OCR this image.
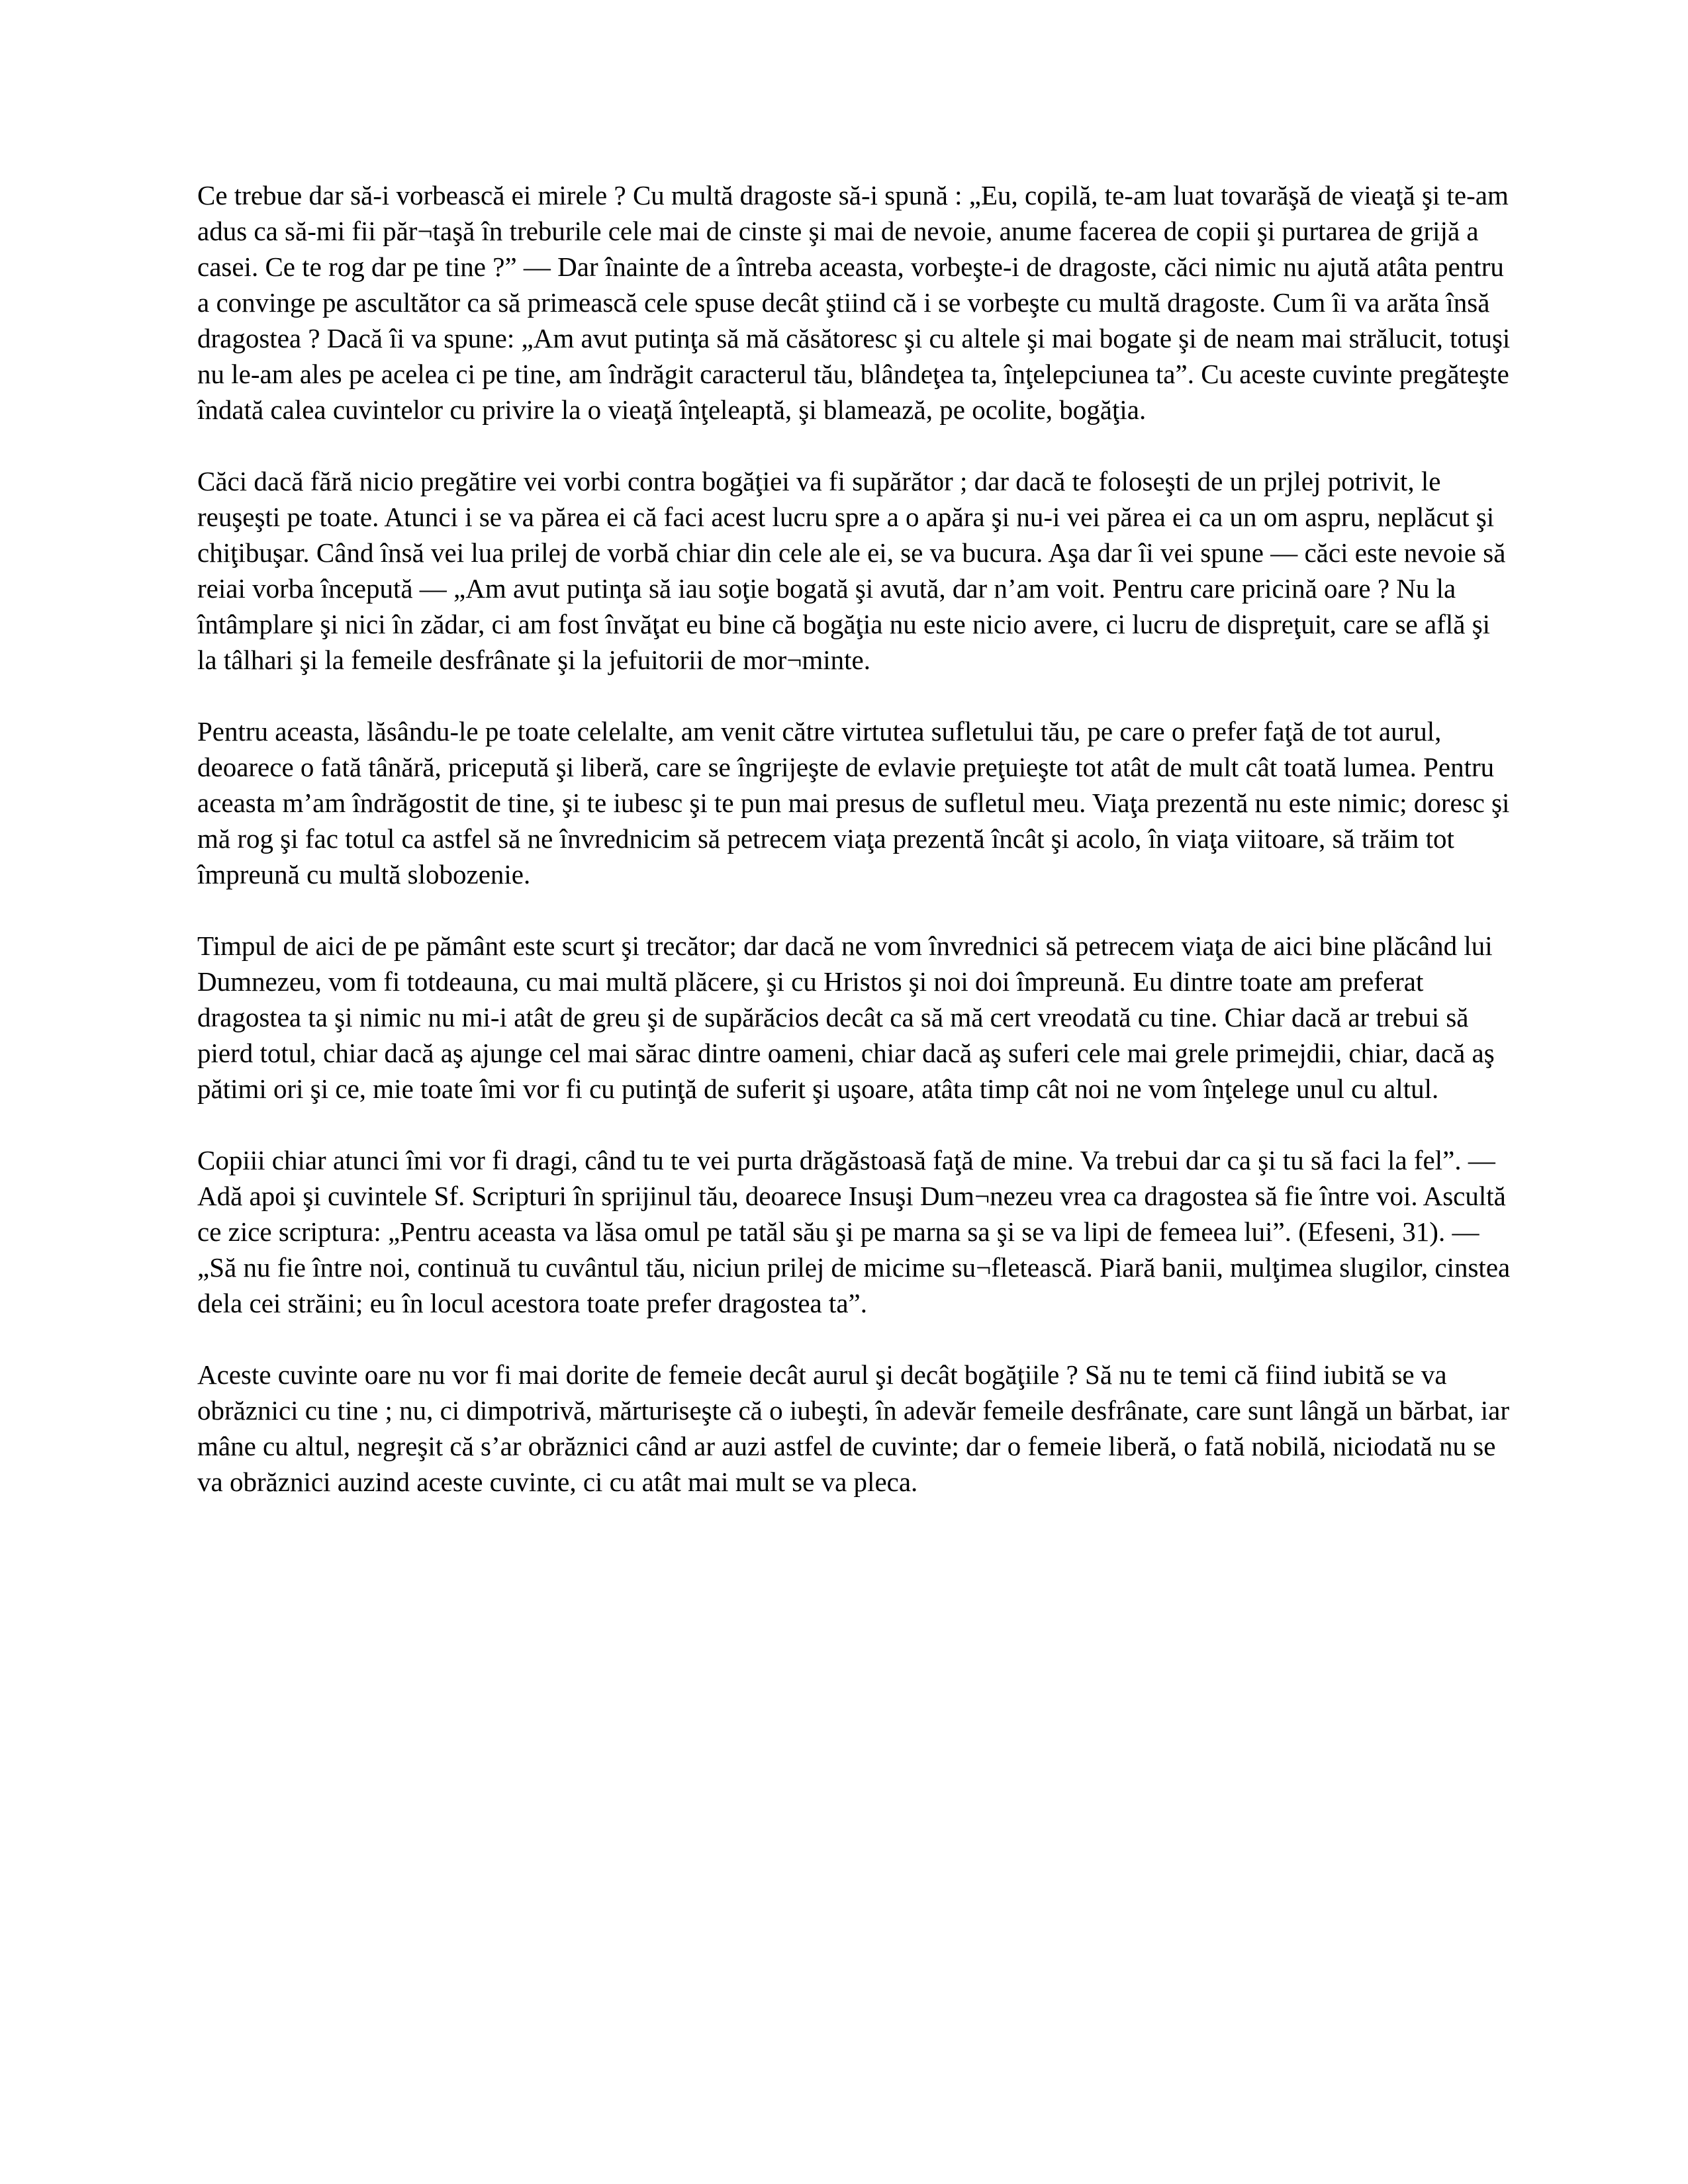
Ce trebue dar să-i vorbească ei mirele ? Cu multă dragoste să-i spună : „Eu, copilă, te-am luat tovarăşă de vieaţă şi te-am adus ca să-mi fii păr¬taşă în treburile cele mai de cinste şi mai de nevoie, anume facerea de copii şi purtarea de grijă a casei. Ce te rog dar pe tine ?” — Dar înainte de a întreba aceasta, vorbeşte-i de dragoste, căci nimic nu ajută atâta pentru a convinge pe ascultător ca să primească cele spuse decât ştiind că i se vorbeşte cu multă dragoste. Cum îi va arăta însă dragostea ? Dacă îi va spune: „Am avut putinţa să mă căsătoresc şi cu altele şi mai bogate şi de neam mai strălucit, totuşi nu le-am ales pe acelea ci pe tine, am îndrăgit caracterul tău, blândeţea ta, înţelepciunea ta”. Cu aceste cuvinte pregăteşte îndată calea cuvintelor cu privire la o vieaţă înţeleaptă, şi blamează, pe ocolite, bogăţia.

Căci dacă fără nicio pregătire vei vorbi contra bogăţiei va fi supărător ; dar dacă te foloseşti de un prjlej potrivit, le reuşeşti pe toate. Atunci i se va părea ei că faci acest lucru spre a o apăra şi nu-i vei părea ei ca un om aspru, neplăcut şi chiţibuşar. Când însă vei lua prilej de vorbă chiar din cele ale ei, se va bucura. Aşa dar îi vei spune — căci este nevoie să reiai vorba începută — „Am avut putinţa să iau soţie bogată şi avută, dar n’am voit. Pentru care pricină oare ? Nu la întâmplare şi nici în zădar, ci am fost învăţat eu bine că bogăţia nu este nicio avere, ci lucru de dispreţuit, care se află şi la tâlhari şi la femeile desfrânate şi la jefuitorii de mor¬minte.

Pentru aceasta, lăsându-le pe toate celelalte, am venit către virtutea sufletului tău, pe care o prefer faţă de tot aurul, deoarece o fată tânără, pricepută şi liberă, care se îngrijeşte de evlavie preţuieşte tot atât de mult cât toată lumea. Pentru aceasta m’am îndrăgostit de tine, şi te iubesc şi te pun mai presus de sufletul meu. Viaţa prezentă nu este nimic; doresc şi mă rog şi fac totul ca astfel să ne învrednicim să petrecem viaţa prezentă încât şi acolo, în viaţa viitoare, să trăim tot împreună cu multă slobozenie.

Timpul de aici de pe pământ este scurt şi trecător; dar dacă ne vom învrednici să petrecem viaţa de aici bine plăcând lui Dumnezeu, vom fi totdeauna, cu mai multă plăcere, şi cu Hristos şi noi doi împreună. Eu dintre toate am preferat dragostea ta şi nimic nu mi-i atât de greu şi de supărăcios decât ca să mă cert vreodată cu tine. Chiar dacă ar trebui să pierd totul, chiar dacă aş ajunge cel mai sărac dintre oameni, chiar dacă aş suferi cele mai grele primejdii, chiar, dacă aş pătimi ori şi ce, mie toate îmi vor fi cu putinţă de suferit şi uşoare, atâta timp cât noi ne vom înţelege unul cu altul.

Copiii chiar atunci îmi vor fi dragi, când tu te vei purta drăgăstoasă faţă de mine. Va trebui dar ca şi tu să faci la fel”. — Adă apoi şi cuvintele Sf. Scripturi în sprijinul tău, deoarece Insuşi Dum¬nezeu vrea ca dragostea să fie între voi. Ascultă ce zice scriptura: „Pentru aceasta va lăsa omul pe tatăl său şi pe marna sa şi se va lipi de femeea lui”. (Efeseni, 31). — „Să nu fie între noi, continuă tu cuvântul tău, niciun prilej de micime su¬fletească. Piară banii, mulţimea slugilor, cinstea dela cei străini; eu în locul acestora toate prefer dragostea ta”.

Aceste cuvinte oare nu vor fi mai dorite de femeie decât aurul şi decât bogăţiile ? Să nu te temi că fiind iubită se va obrăznici cu tine ; nu, ci dimpotrivă, mărturiseşte că o iubeşti, în adevăr femeile desfrânate, care sunt lângă un bărbat, iar mâne cu altul, negreşit că s’ar obrăznici când ar auzi astfel de cuvinte; dar o femeie liberă, o fată nobilă, niciodată nu se va obrăznici auzind aceste cuvinte, ci cu atât mai mult se va pleca.
